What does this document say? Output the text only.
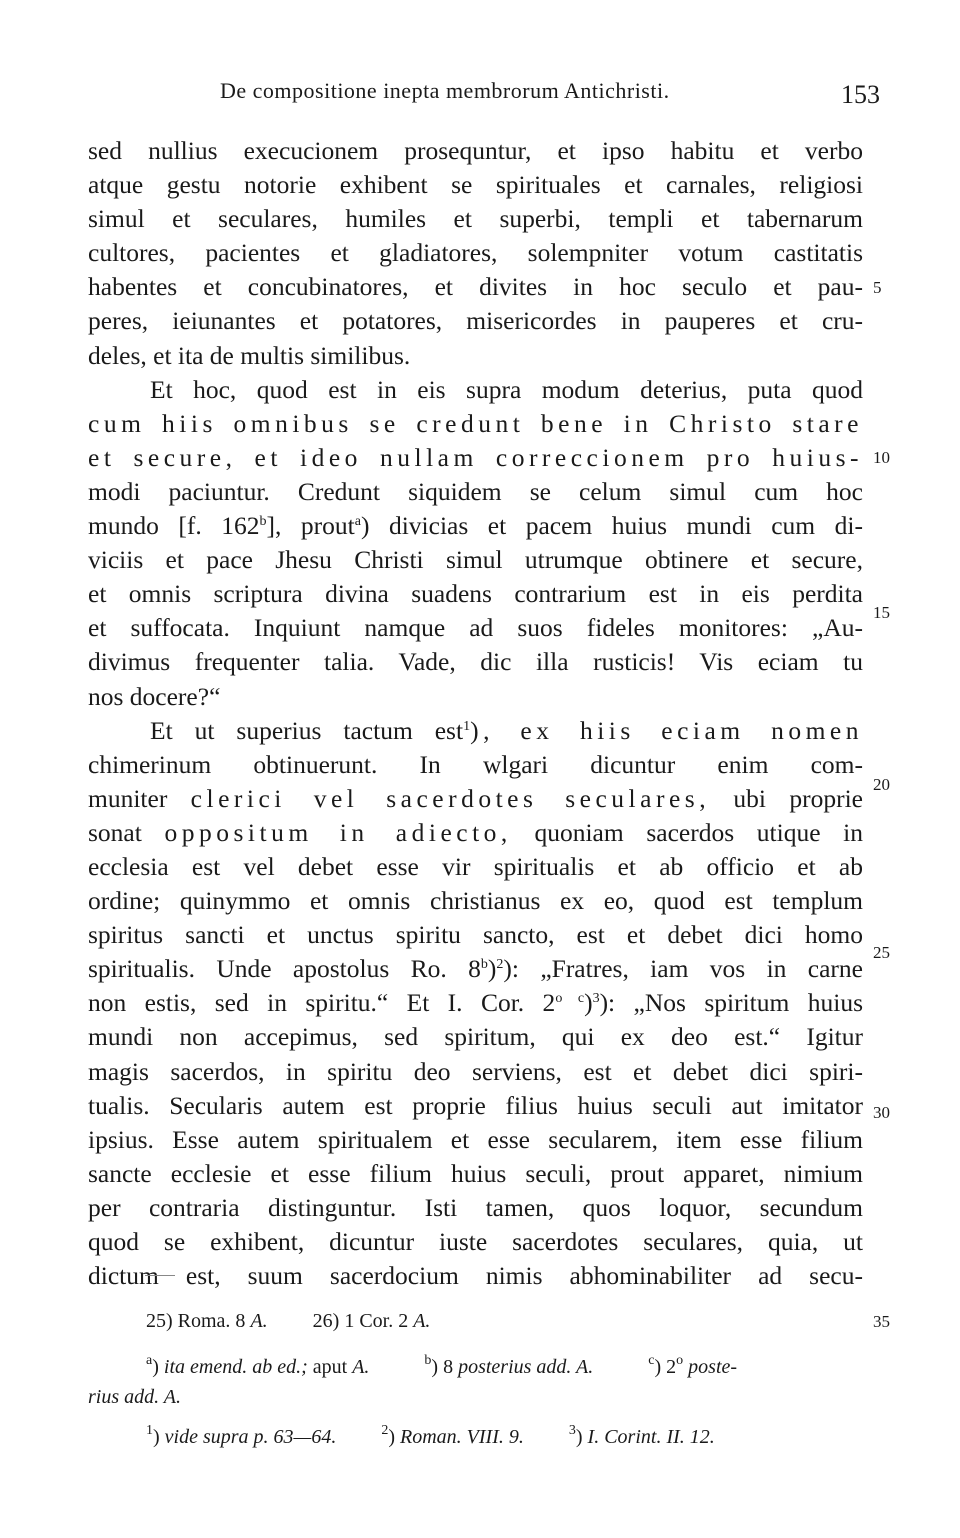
De compositione inepta membrorum Antichristi.	153
sed nullius execucionem prosequntur, et ipso habitu et verbo
atque gestu notorie exhibent se spirituales et carnales, religiosi
simul et seculares, humiles et superbi, templi et tabernarum
cultores, pacientes et gladiatores, solempniter votum castitatis
habentes et concubinatores, et divites in hoc seculo et pau-
peres, ieiunantes et potatores, misericordes in pauperes et cru-
deles, et ita de multis similibus.
Et hoc, quod est in eis supra modum deterius, puta quod
cum hiis omnibus se credunt bene in Christo stare
et secure, et ideo nullam correccionem pro huius-
modi paciuntur. Credunt siquidem se celum simul cum hoc
mundo [f. 162$^b$], prout$^a$) divicias et pacem huius mundi cum di-
viciis et pace Jhesu Christi simul utrumque obtinere et secure,
et omnis scriptura divina suadens contrarium est in eis perdita
et suffocata. Inquiunt namque ad suos fideles monitores: „Au-
divimus frequenter talia. Vade, dic illa rusticis! Vis eciam tu
nos docere?“
Et ut superius tactum est$^1$), ex hiis eciam nomen
chimerinum obtinuerunt. In wlgari dicuntur enim com-
muniter clerici vel sacerdotes seculares, ubi proprie
sonat oppositum in adiecto, quoniam sacerdos utique in
ecclesia est vel debet esse vir spiritualis et ab officio et ab
ordine; quinymmo et omnis christianus ex eo, quod est templum
spiritus sancti et unctus spiritu sancto, est et debet dici homo
spiritualis. Unde apostolus Ro. 8$^b$)$^2$): „Fratres, iam vos in carne
non estis, sed in spiritu.“ Et I. Cor. $2^{o c})^3$): „Nos spiritum huius
mundi non accepimus, sed spiritum, qui ex deo est.“ Igitur
magis sacerdos, in spiritu deo serviens, est et debet dici spiri-
tualis. Secularis autem est proprie filius huius seculi aut imitator
ipsius. Esse autem spiritualem et esse secularem, item esse filium
sancte ecclesie et esse filium huius seculi, prout apparet, nimium
per contraria distinguntur. Isti tamen, quos loquor, secundum
quod se exhibent, dicuntur iuste sacerdotes seculares, quia, ut
dictum est, suum sacerdocium nimis abhominabiliter ad secu-
5
10
15
20
25
30
35
25) Roma. 8 A. 26) 1 Cor. 2 A.
$^a$) ita emend. ab ed.; aput A.	$^b$) 8 posterius add. A.	$^c$) 2$^o$ poste-
rius add. A.
$^1$) vide supra p. 63—64.	$^2$) Roman. VIII. 9.	$^3$) I. Corint. II. 12.
